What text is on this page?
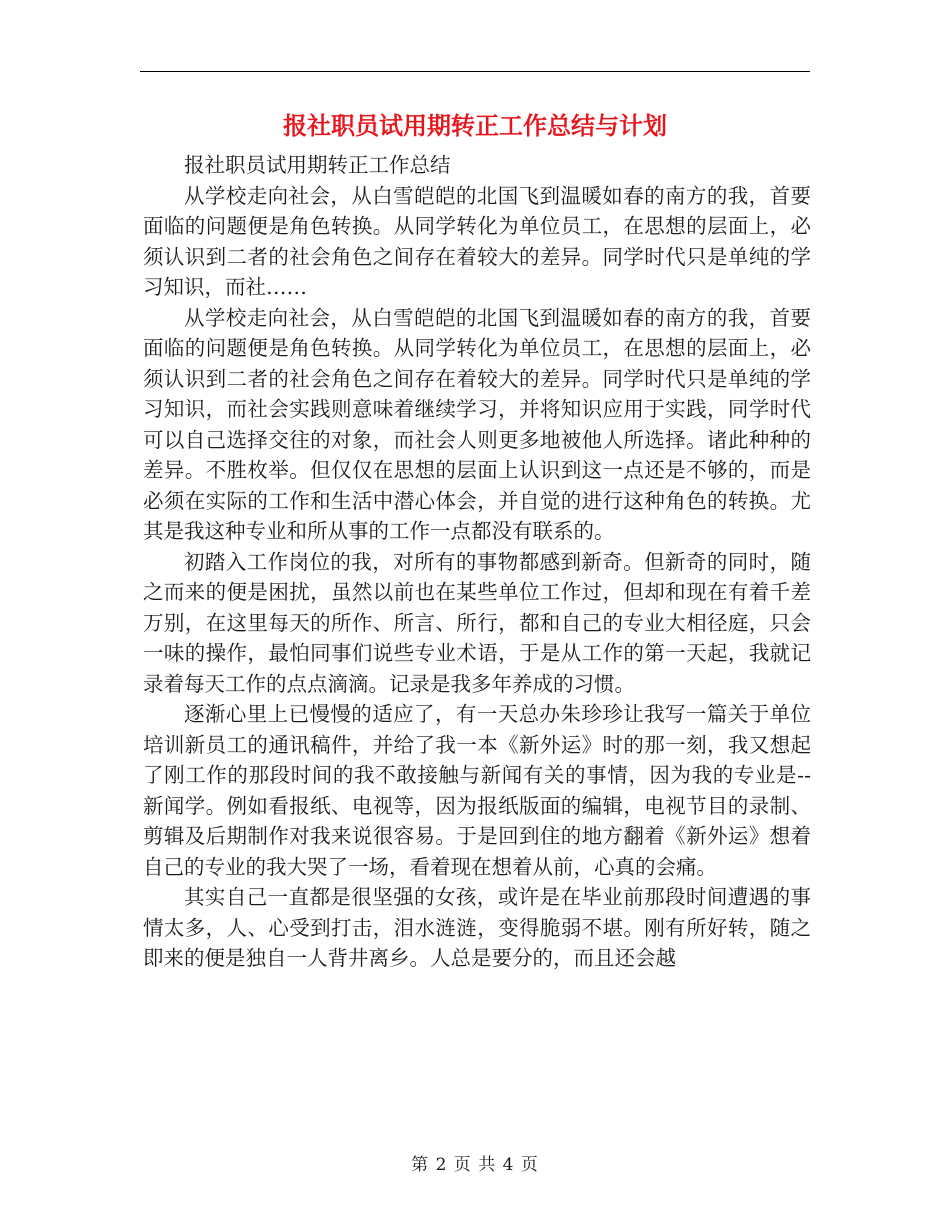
报社职员试用期转正工作总结与计划

报社职员试用期转正工作总结

从学校走向社会，从白雪皑皑的北国飞到温暖如春的南方的我，首要面临的问题便是角色转换。从同学转化为单位员工，在思想的层面上，必须认识到二者的社会角色之间存在着较大的差异。同学时代只是单纯的学习知识，而社……

从学校走向社会，从白雪皑皑的北国飞到温暖如春的南方的我，首要面临的问题便是角色转换。从同学转化为单位员工，在思想的层面上，必须认识到二者的社会角色之间存在着较大的差异。同学时代只是单纯的学习知识，而社会实践则意味着继续学习，并将知识应用于实践，同学时代可以自己选择交往的对象，而社会人则更多地被他人所选择。诸此种种的差异。不胜枚举。但仅仅在思想的层面上认识到这一点还是不够的，而是必须在实际的工作和生活中潜心体会，并自觉的进行这种角色的转换。尤其是我这种专业和所从事的工作一点都没有联系的。

初踏入工作岗位的我，对所有的事物都感到新奇。但新奇的同时，随之而来的便是困扰，虽然以前也在某些单位工作过，但却和现在有着千差万别，在这里每天的所作、所言、所行，都和自己的专业大相径庭，只会一味的操作，最怕同事们说些专业术语，于是从工作的第一天起，我就记录着每天工作的点点滴滴。记录是我多年养成的习惯。

逐渐心里上已慢慢的适应了，有一天总办朱珍珍让我写一篇关于单位培训新员工的通讯稿件，并给了我一本《新外运》时的那一刻，我又想起了刚工作的那段时间的我不敢接触与新闻有关的事情，因为我的专业是--新闻学。例如看报纸、电视等，因为报纸版面的编辑，电视节目的录制、剪辑及后期制作对我来说很容易。于是回到住的地方翻着《新外运》想着自己的专业的我大哭了一场，看着现在想着从前，心真的会痛。

其实自己一直都是很坚强的女孩，或许是在毕业前那段时间遭遇的事情太多，人、心受到打击，泪水涟涟，变得脆弱不堪。刚有所好转，随之即来的便是独自一人背井离乡。人总是要分的，而且还会越

第 2 页 共 4 页
